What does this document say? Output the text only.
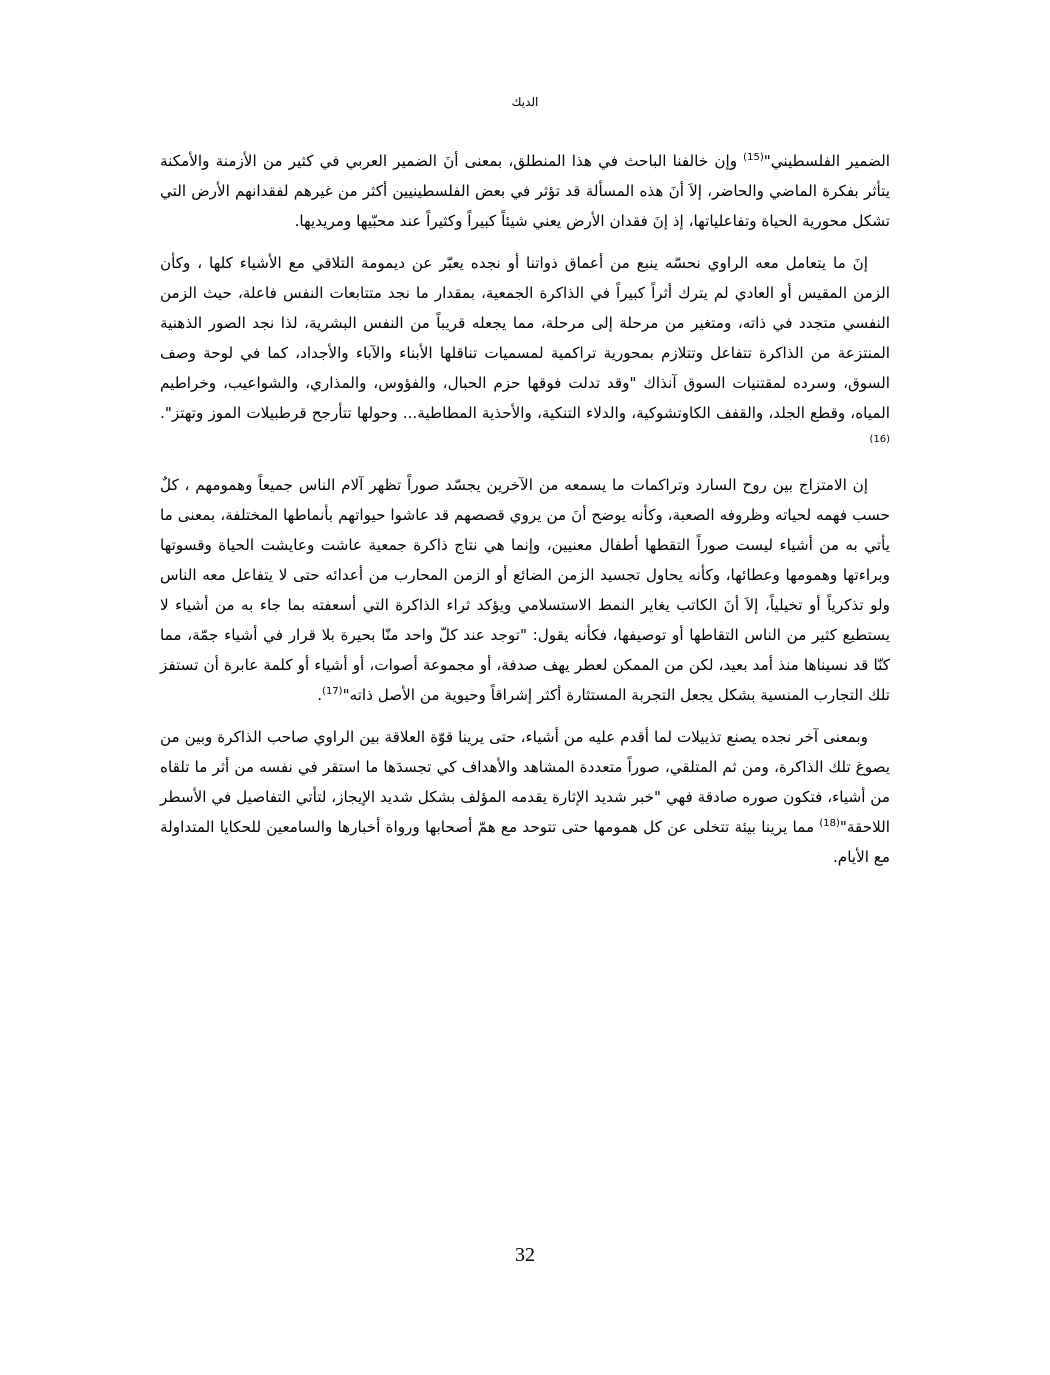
الديك

الضمير الفلسطيني"$^{(15)}$ وإن خالفنا الباحث في هذا المنطلق، بمعنى أنَ الضمير العربي في كثير من الأزمنة والأمكنة يتأثر بفكرة الماضي والحاضر، إلاَ أنَ هذه المسألة قد تؤثر في بعض الفلسطينيين أكثر من غيرهم لفقدانهم الأرض التي تشكل محورية الحياة وتفاعلياتها، إذ إنَ فقدان الأرض يعني شيئاً كبيراً وكثيراً عند محبّيها ومريديها.

إنَ ما يتعامل معه الراوي نحسّه ينبع من أعماق ذواتنا أو نجده يعبّر عن ديمومة التلاقي مع الأشياء كلها ، وكأن الزمن المقيس أو العادي لم يترك أثراً كبيراً في الذاكرة الجمعية، بمقدار ما نجد متتابعات النفس فاعلة، حيث الزمن النفسي متجدد في ذاته، ومتغير من مرحلة إلى مرحلة، مما يجعله قريباً من النفس البشرية، لذا نجد الصور الذهنية المنتزعة من الذاكرة تتفاعل وتتلازم بمحورية تراكمية لمسميات تناقلها الأبناء والآباء والأجداد، كما في لوحة وصف السوق، وسرده لمقتنيات السوق آنذاك "وقد تدلت فوقها حزم الحبال، والفؤوس، والمذاري، والشواعيب، وخراطيم المياه، وقطع الجلد، والقفف الكاوتشوكية، والدلاء التنكية، والأحذية المطاطية... وحولها تتأرجح قرطبيلات الموز وتهتز".$^{(16)}$

إن الامتزاج بين روح السارد وتراكمات ما يسمعه من الآخرين يجسّد صوراً تظهر آلام الناس جميعاً وهمومهم ، كلٌ حسب فهمه لحياته وظروفه الصعبة، وكأنه يوضح أنَ من يروي قصصهم قد عاشوا حيواتهم بأنماطها المختلفة، بمعنى ما يأتي به من أشياء ليست صوراً التقطها أطفال معنيين، وإنما هي نتاج ذاكرة جمعية عاشت وعايشت الحياة وقسوتها وبراءتها وهمومها وعطائها، وكأنه يحاول تجسيد الزمن الضائع أو الزمن المحارب من أعدائه حتى لا يتفاعل معه الناس ولو تذكرياً أو تخيلياً، إلاَ أنَ الكاتب يغاير النمط الاستسلامي ويؤكد ثراء الذاكرة التي أسعفته بما جاء به من أشياء لا يستطيع كثير من الناس التقاطها أو توصيفها، فكأنه يقول: "توجد عند كلّ واحد منّا بحيرة بلا قرار في أشياء جمّة، مما كنّا قد نسيناها منذ أمد بعيد، لكن من الممكن لعطر يهف صدفة، أو مجموعة أصوات، أو أشياء أو كلمة عابرة أن تستفز تلك التجارب المنسية بشكل يجعل التجربة المستثارة أكثر إشراقاً وحيوية من الأصل ذاته"$^{(17)}$.

وبمعنى آخر نجده يصنع تذييلات لما أقدم عليه من أشياء، حتى يرينا قوّة العلاقة بين الراوي صاحب الذاكرة وبين من يصوغ تلك الذاكرة، ومن ثم المتلقي، صوراً متعددة المشاهد والأهداف كي تجسدَها ما استقر في نفسه من أثر ما تلقاه من أشياء، فتكون صوره صادقة فهي "خبر شديد الإثارة يقدمه المؤلف بشكل شديد الإيجاز، لتأتي التفاصيل في الأسطر اللاحقة"$^{(18)}$ مما يرينا بيئة تتخلى عن كل همومها حتى تتوحد مع همّ أصحابها ورواة أخبارها والسامعين للحكايا المتداولة مع الأيام.

32
